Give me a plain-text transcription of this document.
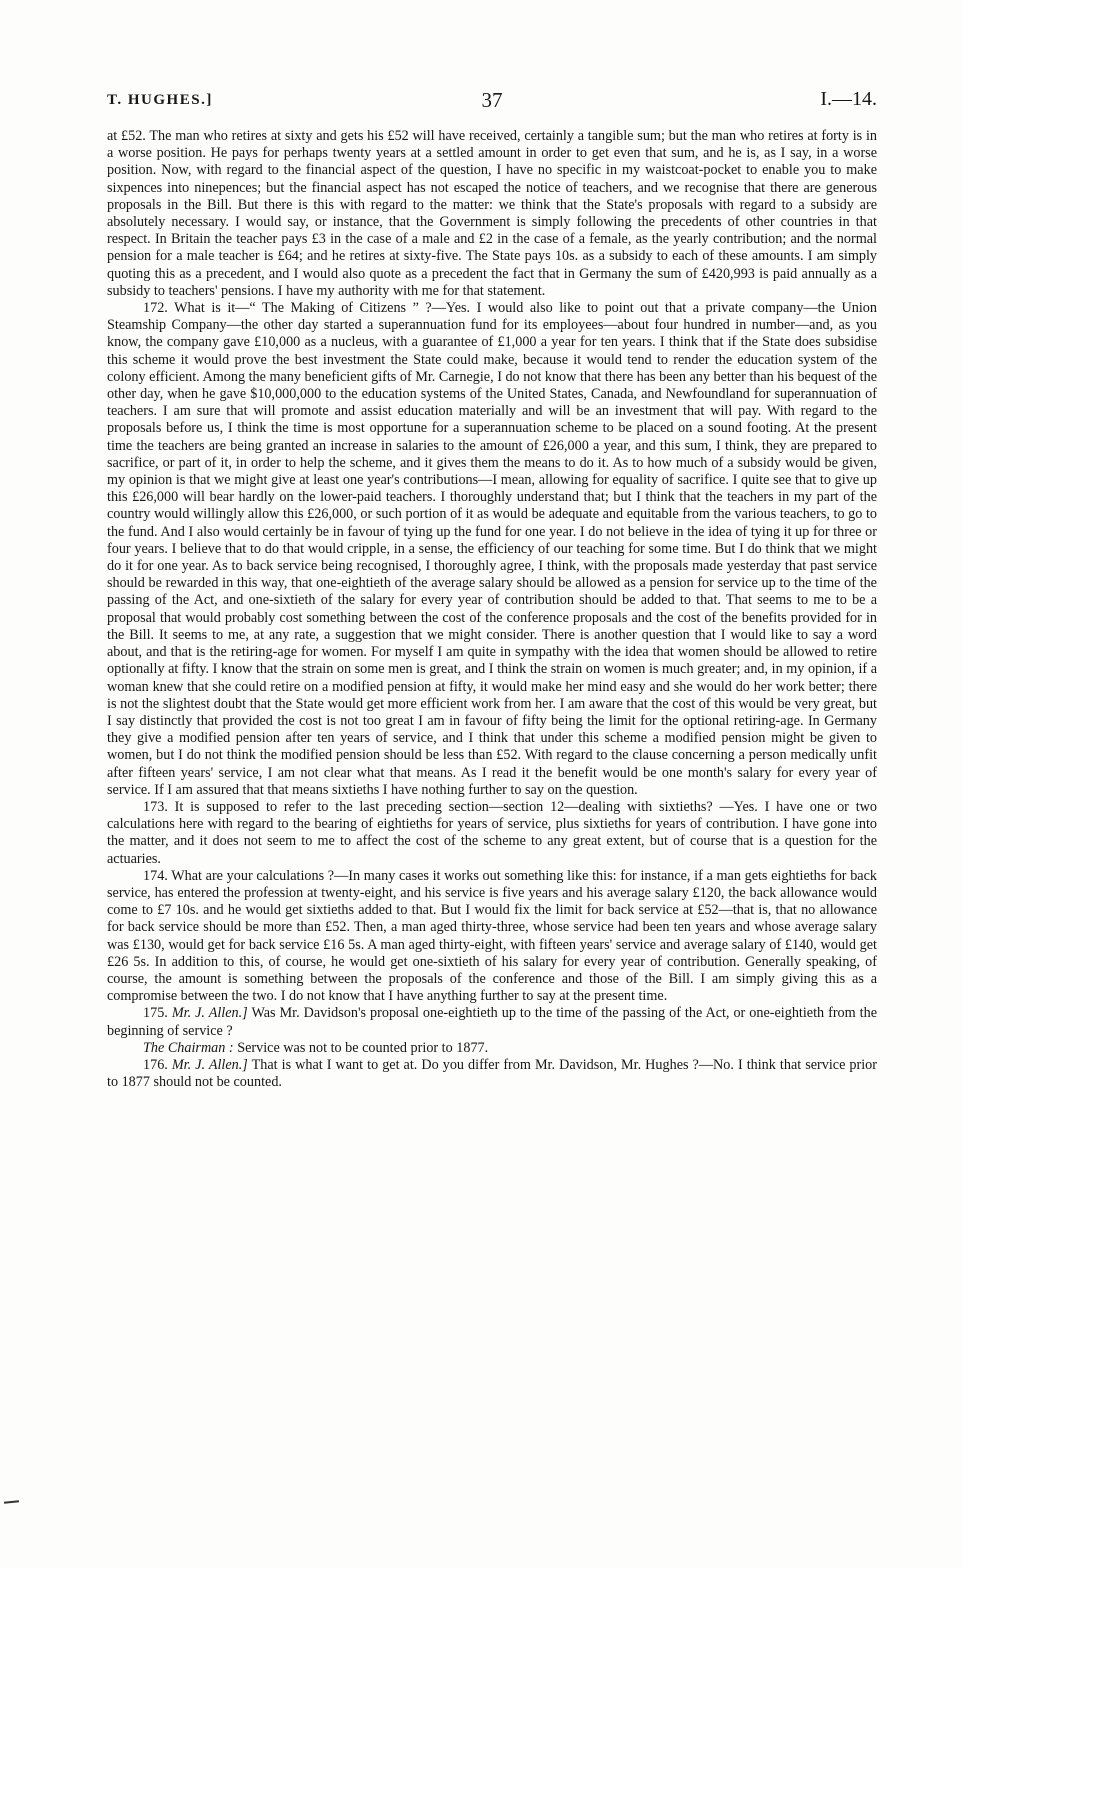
T. HUGHES.]	37	I.—14.

at £52. The man who retires at sixty and gets his £52 will have received, certainly a tangible sum; but the man who retires at forty is in a worse position. He pays for perhaps twenty years at a settled amount in order to get even that sum, and he is, as I say, in a worse position. Now, with regard to the financial aspect of the question, I have no specific in my waistcoat-pocket to enable you to make sixpences into ninepences; but the financial aspect has not escaped the notice of teachers, and we recognise that there are generous proposals in the Bill. But there is this with regard to the matter: we think that the State's proposals with regard to a subsidy are absolutely necessary. I would say, or instance, that the Government is simply following the precedents of other countries in that respect. In Britain the teacher pays £3 in the case of a male and £2 in the case of a female, as the yearly contribution; and the normal pension for a male teacher is £64; and he retires at sixty-five. The State pays 10s. as a subsidy to each of these amounts. I am simply quoting this as a precedent, and I would also quote as a precedent the fact that in Germany the sum of £420,993 is paid annually as a subsidy to teachers' pensions. I have my authority with me for that statement.

172. What is it—“ The Making of Citizens ” ?—Yes. I would also like to point out that a private company—the Union Steamship Company—the other day started a superannuation fund for its employees—about four hundred in number—and, as you know, the company gave £10,000 as a nucleus, with a guarantee of £1,000 a year for ten years. I think that if the State does subsidise this scheme it would prove the best investment the State could make, because it would tend to render the education system of the colony efficient. Among the many beneficient gifts of Mr. Carnegie, I do not know that there has been any better than his bequest of the other day, when he gave $10,000,000 to the education systems of the United States, Canada, and Newfoundland for superannuation of teachers. I am sure that will promote and assist education materially and will be an investment that will pay. With regard to the proposals before us, I think the time is most opportune for a superannuation scheme to be placed on a sound footing. At the present time the teachers are being granted an increase in salaries to the amount of £26,000 a year, and this sum, I think, they are prepared to sacrifice, or part of it, in order to help the scheme, and it gives them the means to do it. As to how much of a subsidy would be given, my opinion is that we might give at least one year's contributions—I mean, allowing for equality of sacrifice. I quite see that to give up this £26,000 will bear hardly on the lower-paid teachers. I thoroughly understand that; but I think that the teachers in my part of the country would willingly allow this £26,000, or such portion of it as would be adequate and equitable from the various teachers, to go to the fund. And I also would certainly be in favour of tying up the fund for one year. I do not believe in the idea of tying it up for three or four years. I believe that to do that would cripple, in a sense, the efficiency of our teaching for some time. But I do think that we might do it for one year. As to back service being recognised, I thoroughly agree, I think, with the proposals made yesterday that past service should be rewarded in this way, that one-eightieth of the average salary should be allowed as a pension for service up to the time of the passing of the Act, and one-sixtieth of the salary for every year of contribution should be added to that. That seems to me to be a proposal that would probably cost something between the cost of the conference proposals and the cost of the benefits provided for in the Bill. It seems to me, at any rate, a suggestion that we might consider. There is another question that I would like to say a word about, and that is the retiring-age for women. For myself I am quite in sympathy with the idea that women should be allowed to retire optionally at fifty. I know that the strain on some men is great, and I think the strain on women is much greater; and, in my opinion, if a woman knew that she could retire on a modified pension at fifty, it would make her mind easy and she would do her work better; there is not the slightest doubt that the State would get more efficient work from her. I am aware that the cost of this would be very great, but I say distinctly that provided the cost is not too great I am in favour of fifty being the limit for the optional retiring-age. In Germany they give a modified pension after ten years of service, and I think that under this scheme a modified pension might be given to women, but I do not think the modified pension should be less than £52. With regard to the clause concerning a person medically unfit after fifteen years' service, I am not clear what that means. As I read it the benefit would be one month's salary for every year of service. If I am assured that that means sixtieths I have nothing further to say on the question.

173. It is supposed to refer to the last preceding section—section 12—dealing with sixtieths? —Yes. I have one or two calculations here with regard to the bearing of eightieths for years of service, plus sixtieths for years of contribution. I have gone into the matter, and it does not seem to me to affect the cost of the scheme to any great extent, but of course that is a question for the actuaries.

174. What are your calculations ?—In many cases it works out something like this: for instance, if a man gets eightieths for back service, has entered the profession at twenty-eight, and his service is five years and his average salary £120, the back allowance would come to £7 10s. and he would get sixtieths added to that. But I would fix the limit for back service at £52—that is, that no allowance for back service should be more than £52. Then, a man aged thirty-three, whose service had been ten years and whose average salary was £130, would get for back service £16 5s. A man aged thirty-eight, with fifteen years' service and average salary of £140, would get £26 5s. In addition to this, of course, he would get one-sixtieth of his salary for every year of contribution. Generally speaking, of course, the amount is something between the proposals of the conference and those of the Bill. I am simply giving this as a compromise between the two. I do not know that I have anything further to say at the present time.

175. Mr. J. Allen.] Was Mr. Davidson's proposal one-eightieth up to the time of the passing of the Act, or one-eightieth from the beginning of service ?

The Chairman : Service was not to be counted prior to 1877.

176. Mr. J. Allen.] That is what I want to get at. Do you differ from Mr. Davidson, Mr. Hughes ?—No. I think that service prior to 1877 should not be counted.
